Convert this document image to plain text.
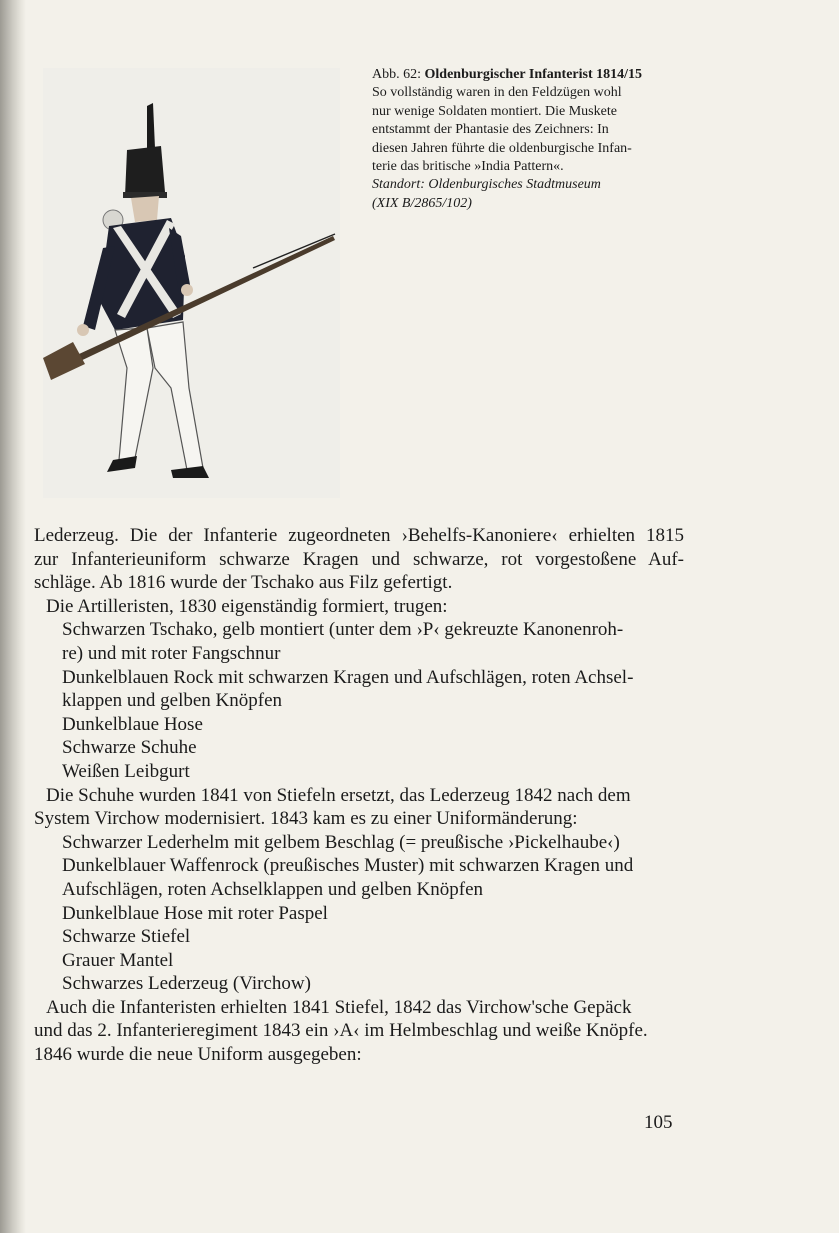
Abb. 62: Oldenburgischer Infanterist 1814/15
So vollständig waren in den Feldzügen wohl
nur wenige Soldaten montiert. Die Muskete
entstammt der Phantasie des Zeichners: In
diesen Jahren führte die oldenburgische Infan-
terie das britische »India Pattern«.
Standort: Oldenburgisches Stadtmuseum
(XIX B/2865/102)
Lederzeug. Die der Infanterie zugeordneten ›Behelfs-Kanoniere‹ erhielten 1815
zur Infanterieuniform schwarze Kragen und schwarze, rot vorgestoßene Auf-
schläge. Ab 1816 wurde der Tschako aus Filz gefertigt.
Die Artilleristen, 1830 eigenständig formiert, trugen:
Schwarzen Tschako, gelb montiert (unter dem ›P‹ gekreuzte Kanonenroh-
re) und mit roter Fangschnur
Dunkelblauen Rock mit schwarzen Kragen und Aufschlägen, roten Achsel-
klappen und gelben Knöpfen
Dunkelblaue Hose
Schwarze Schuhe
Weißen Leibgurt
Die Schuhe wurden 1841 von Stiefeln ersetzt, das Lederzeug 1842 nach dem
System Virchow modernisiert. 1843 kam es zu einer Uniformänderung:
Schwarzer Lederhelm mit gelbem Beschlag (= preußische ›Pickelhaube‹)
Dunkelblauer Waffenrock (preußisches Muster) mit schwarzen Kragen und
Aufschlägen, roten Achselklappen und gelben Knöpfen
Dunkelblaue Hose mit roter Paspel
Schwarze Stiefel
Grauer Mantel
Schwarzes Lederzeug (Virchow)
Auch die Infanteristen erhielten 1841 Stiefel, 1842 das Virchow'sche Gepäck
und das 2. Infanterieregiment 1843 ein ›A‹ im Helmbeschlag und weiße Knöpfe.
1846 wurde die neue Uniform ausgegeben:
105
